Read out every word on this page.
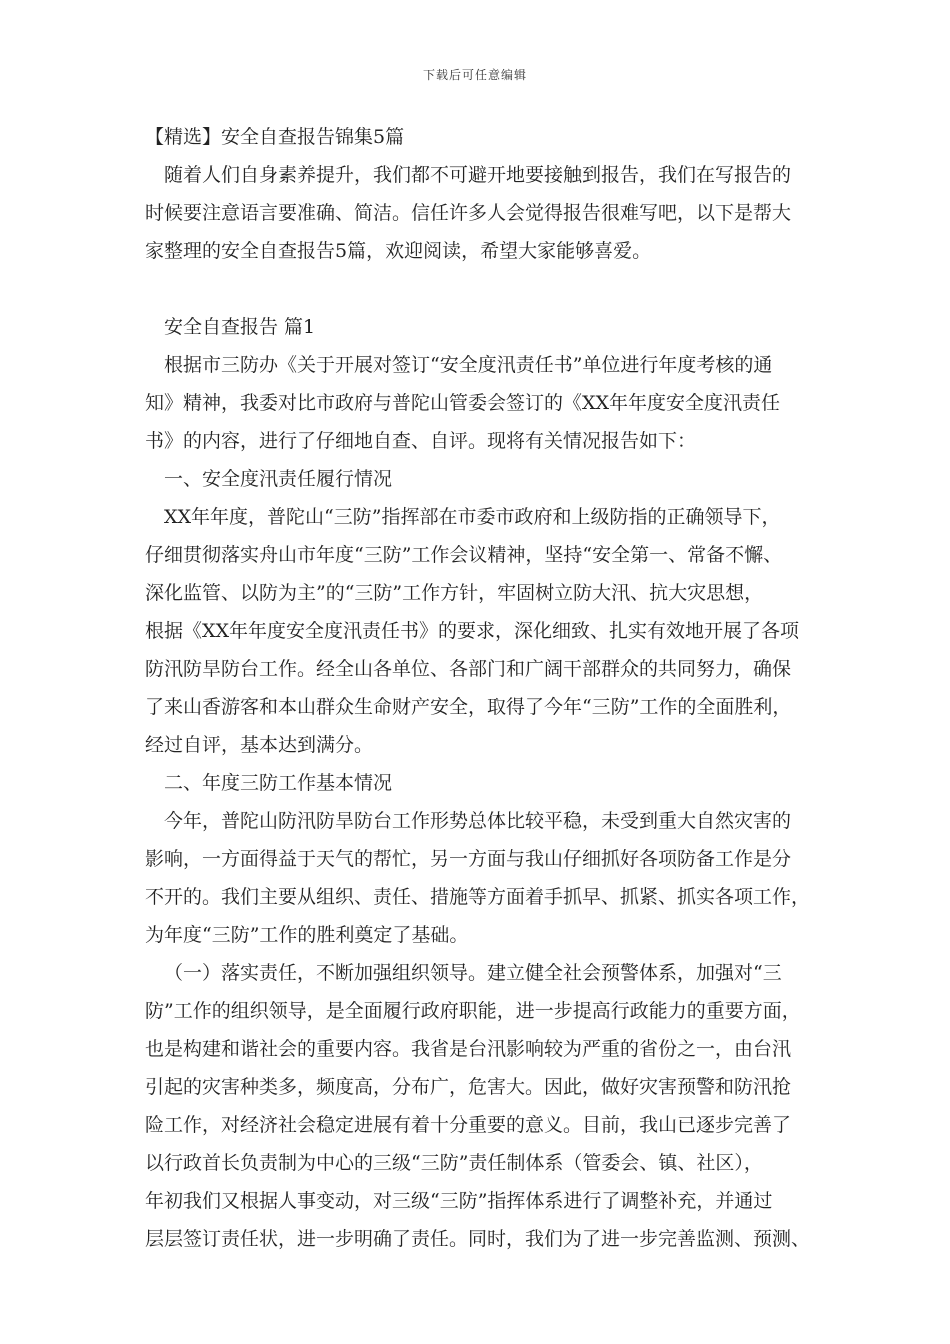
下载后可任意编辑
【精选】安全自查报告锦集5篇
随着人们自身素养提升，我们都不可避开地要接触到报告，我们在写报告的
时候要注意语言要准确、简洁。信任许多人会觉得报告很难写吧，以下是帮大
家整理的安全自查报告5篇，欢迎阅读，希望大家能够喜爱。
安全自查报告 篇1
根据市三防办《关于开展对签订“安全度汛责任书”单位进行年度考核的通
知》精神，我委对比市政府与普陀山管委会签订的《XX年年度安全度汛责任
书》的内容，进行了仔细地自查、自评。现将有关情况报告如下：
一、安全度汛责任履行情况
XX年年度，普陀山“三防”指挥部在市委市政府和上级防指的正确领导下，
仔细贯彻落实舟山市年度“三防”工作会议精神，坚持“安全第一、常备不懈、
深化监管、以防为主”的“三防”工作方针，牢固树立防大汛、抗大灾思想，
根据《XX年年度安全度汛责任书》的要求，深化细致、扎实有效地开展了各项
防汛防旱防台工作。经全山各单位、各部门和广阔干部群众的共同努力，确保
了来山香游客和本山群众生命财产安全，取得了今年“三防”工作的全面胜利，
经过自评，基本达到满分。
二、年度三防工作基本情况
今年，普陀山防汛防旱防台工作形势总体比较平稳，未受到重大自然灾害的
影响，一方面得益于天气的帮忙，另一方面与我山仔细抓好各项防备工作是分
不开的。我们主要从组织、责任、措施等方面着手抓早、抓紧、抓实各项工作，
为年度“三防”工作的胜利奠定了基础。
（一）落实责任，不断加强组织领导。建立健全社会预警体系，加强对“三
防”工作的组织领导，是全面履行政府职能，进一步提高行政能力的重要方面，
也是构建和谐社会的重要内容。我省是台汛影响较为严重的省份之一，由台汛
引起的灾害种类多，频度高，分布广，危害大。因此，做好灾害预警和防汛抢
险工作，对经济社会稳定进展有着十分重要的意义。目前，我山已逐步完善了
以行政首长负责制为中心的三级“三防”责任制体系（管委会、镇、社区），
年初我们又根据人事变动，对三级“三防”指挥体系进行了调整补充，并通过
层层签订责任状，进一步明确了责任。同时，我们为了进一步完善监测、预测、
